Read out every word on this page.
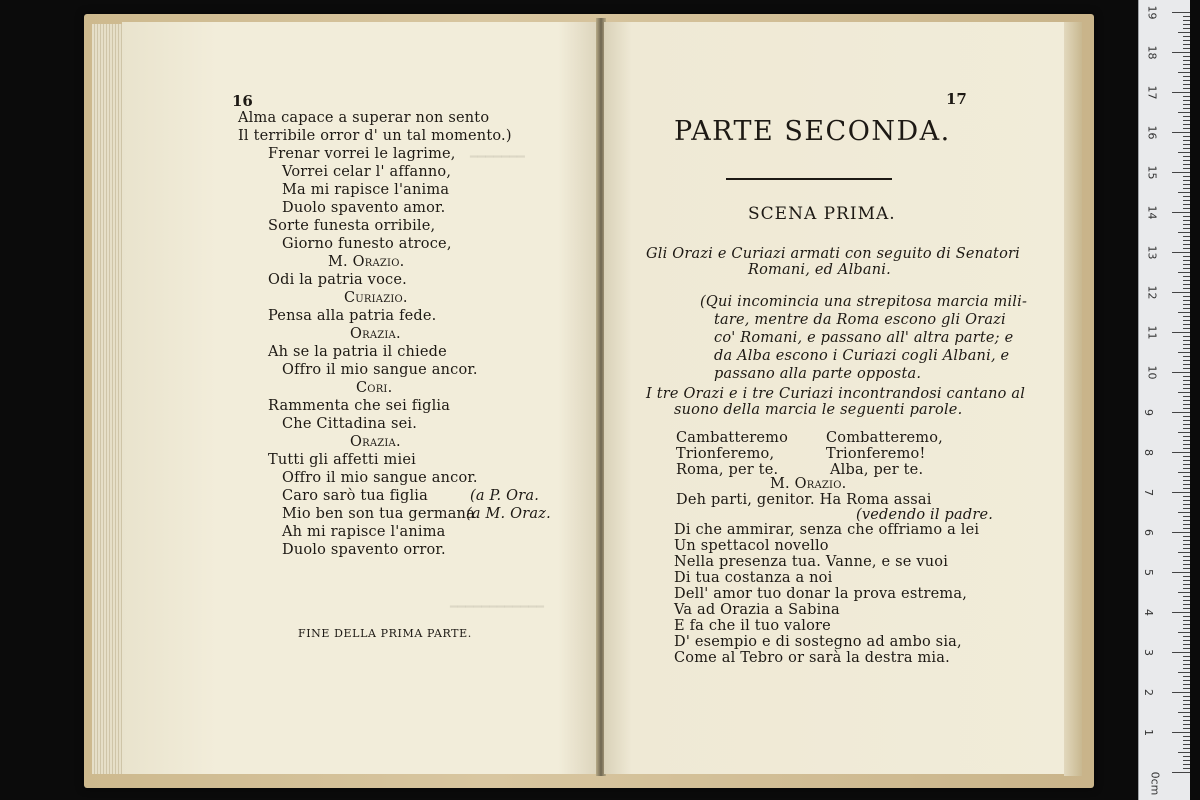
16
Alma capace a superar non sento
Il terribile orror d' un tal momento.)
Frenar vorrei le lagrime,
Vorrei celar l' affanno,
Ma mi rapisce l'anima
Duolo spavento amor.
Sorte funesta orribile,
Giorno funesto atroce,
M. Orazio.
Odi la patria voce.
Curiazio.
Pensa alla patria fede.
Orazia.
Ah se la patria il chiede
Offro il mio sangue ancor.
Cori.
Rammenta che sei figlia
Che Cittadina sei.
Orazia.
Tutti gli affetti miei
Offro il mio sangue ancor.
Caro sarò tua figlia
Mio ben son tua germana
Ah mi rapisce l'anima
Duolo spavento orror.
(a P. Ora.
(a M. Oraz.
FINE DELLA PRIMA PARTE.
━━━━━━━
━━━━━━━━━━━━
17
PARTE SECONDA.
SCENA PRIMA.
Gli Orazi e Curiazi armati con seguito di Senatori
Romani, ed Albani.
(Qui incomincia una strepitosa marcia mili-
tare, mentre da Roma escono gli Orazi
co' Romani, e passano all' altra parte; e
da Alba escono i Curiazi cogli Albani, e
passano alla parte opposta.
I tre Orazi e i tre Curiazi incontrandosi cantano al
suono della marcia le seguenti parole.
Cambatteremo
Trionferemo,
Roma, per te.
Combatteremo,
Trionferemo!
Alba, per te.
M. Orazio.
Deh parti, genitor. Ha Roma assai
(vedendo il padre.
Di che ammirar, senza che offriamo a lei
Un spettacol novello
Nella presenza tua. Vanne, e se vuoi
Di tua costanza a noi
Dell' amor tuo donar la prova estrema,
Va ad Orazia a Sabina
E fa che il tuo valore
D' esempio e di sostegno ad ambo sia,
Come al Tebro or sarà la destra mia.
0cm
19
18
17
16
15
14
13
12
11
10
9
8
7
6
5
4
3
2
1
